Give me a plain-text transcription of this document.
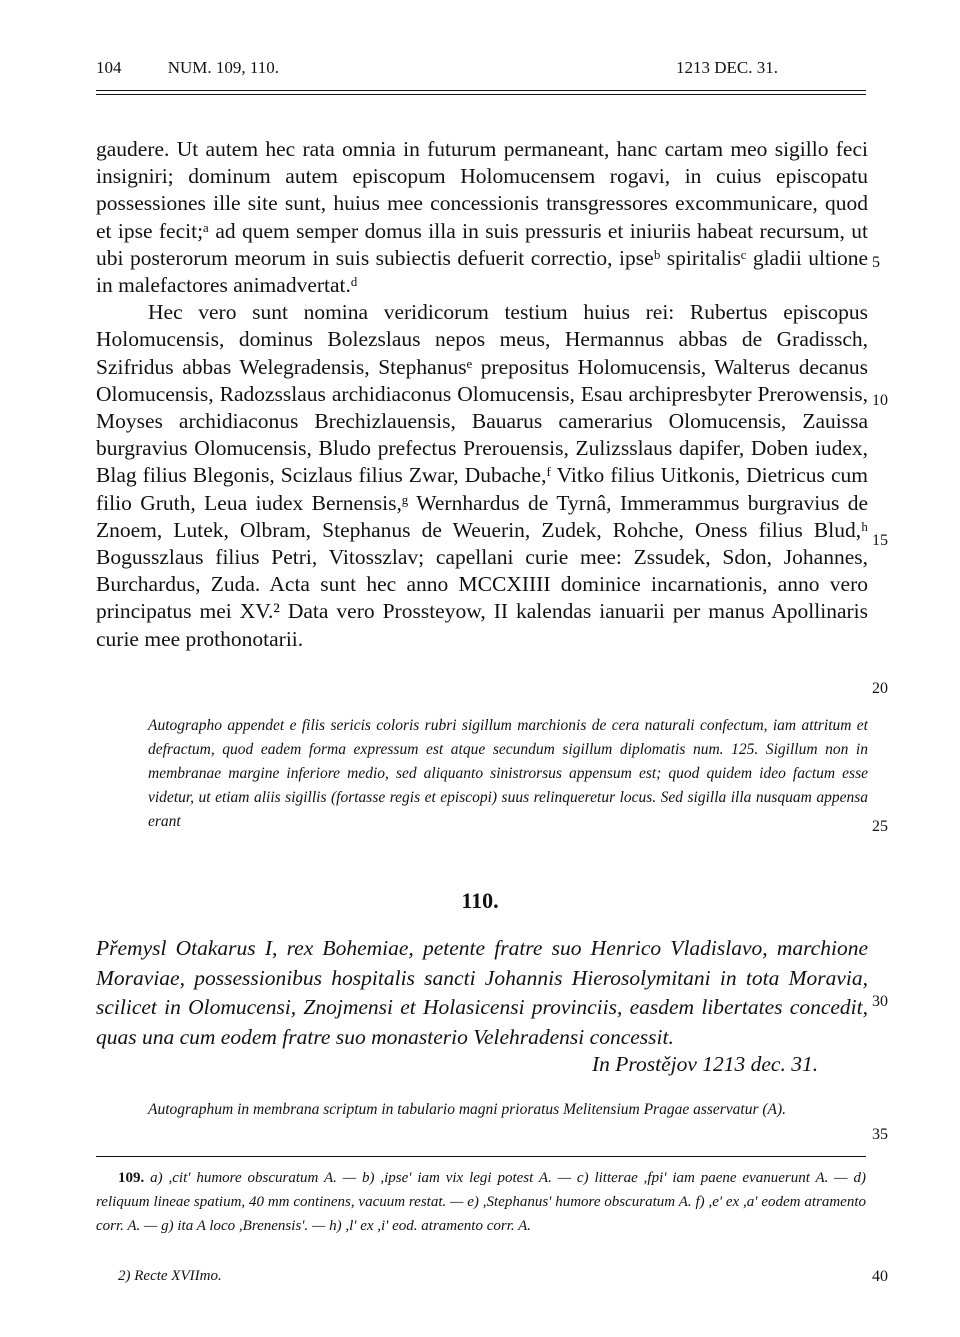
104	NUM. 109, 110.	1213 DEC. 31.

gaudere. Ut autem hec rata omnia in futurum permaneant, hanc cartam meo sigillo feci insigniri; dominum autem episcopum Holomucensem rogavi, in cuius episcopatu possessiones ille site sunt, huius mee concessionis transgressores excommunicare, quod et ipse fecit;ᵃ ad quem semper domus illa in suis pressuris et iniuriis habeat recursum, ut ubi posterorum meorum in suis subiectis defuerit correctio, ipseᵇ spiritalisᶜ gladii ultione in malefactores animadvertat.ᵈ

Hec vero sunt nomina veridicorum testium huius rei: Rubertus episcopus Holomucensis, dominus Bolezslaus nepos meus, Hermannus abbas de Gradissch, Szifridus abbas Welegradensis, Stephanusᵉ prepositus Holomucensis, Walterus decanus Olomucensis, Radozsslaus archidiaconus Olomucensis, Esau archipresbyter Prerowensis, Moyses archidiaconus Brechizlauensis, Bauarus camerarius Olomucensis, Zauissa burgravius Olomucensis, Bludo prefectus Prerouensis, Zulizsslaus dapifer, Doben iudex, Blag filius Blegonis, Scizlaus filius Zwar, Dubache,ᶠ Vitko filius Uitkonis, Dietricus cum filio Gruth, Leua iudex Bernensis,ᵍ Wernhardus de Tyrnâ, Immerammus burgravius de Znoem, Lutek, Olbram, Stephanus de Weuerin, Zudek, Rohche, Oness filius Blud,ʰ Bogusszlaus filius Petri, Vitosszlav; capellani curie mee: Zssudek, Sdon, Johannes, Burchardus, Zuda. Acta sunt hec anno MCCXIIII dominice incarnationis, anno vero principatus mei XV.² Data vero Prossteyow, II kalendas ianuarii per manus Apollinaris curie mee prothonotarii.

Autographo appendet e filis sericis coloris rubri sigillum marchionis de cera naturali confectum, iam attritum et defractum, quod eadem forma expressum est atque secundum sigillum diplomatis num. 125. Sigillum non in membranae margine inferiore medio, sed aliquanto sinistrorsus appensum est; quod quidem ideo factum esse videtur, ut etiam aliis sigillis (fortasse regis et episcopi) suus relinqueretur locus. Sed sigilla illa nusquam appensa erant
110.
Přemysl Otakarus I, rex Bohemiae, petente fratre suo Henrico Vladislavo, marchione Moraviae, possessionibus hospitalis sancti Johannis Hierosolymitani in tota Moravia, scilicet in Olomucensi, Znojmensi et Holasicensi provinciis, easdem libertates concedit, quas una cum eodem fratre suo monasterio Velehradensi concessit.
In Prostějov 1213 dec. 31.
Autographum in membrana scriptum in tabulario magni prioratus Melitensium Pragae asservatur (A).
109. a) ,cit' humore obscuratum A. — b) ,ipse' iam vix legi potest A. — c) litterae ,fpi' iam paene evanuerunt A. — d) reliquum lineae spatium, 40 mm continens, vacuum restat. — e) ,Stephanus' humore obscuratum A. f) ,e' ex ,a' eodem atramento corr. A. — g) ita A loco ,Brenensis'. — h) ,l' ex ,i' eod. atramento corr. A.
2) Recte XVIImo.
5
10
15
20
25
30
35
40
